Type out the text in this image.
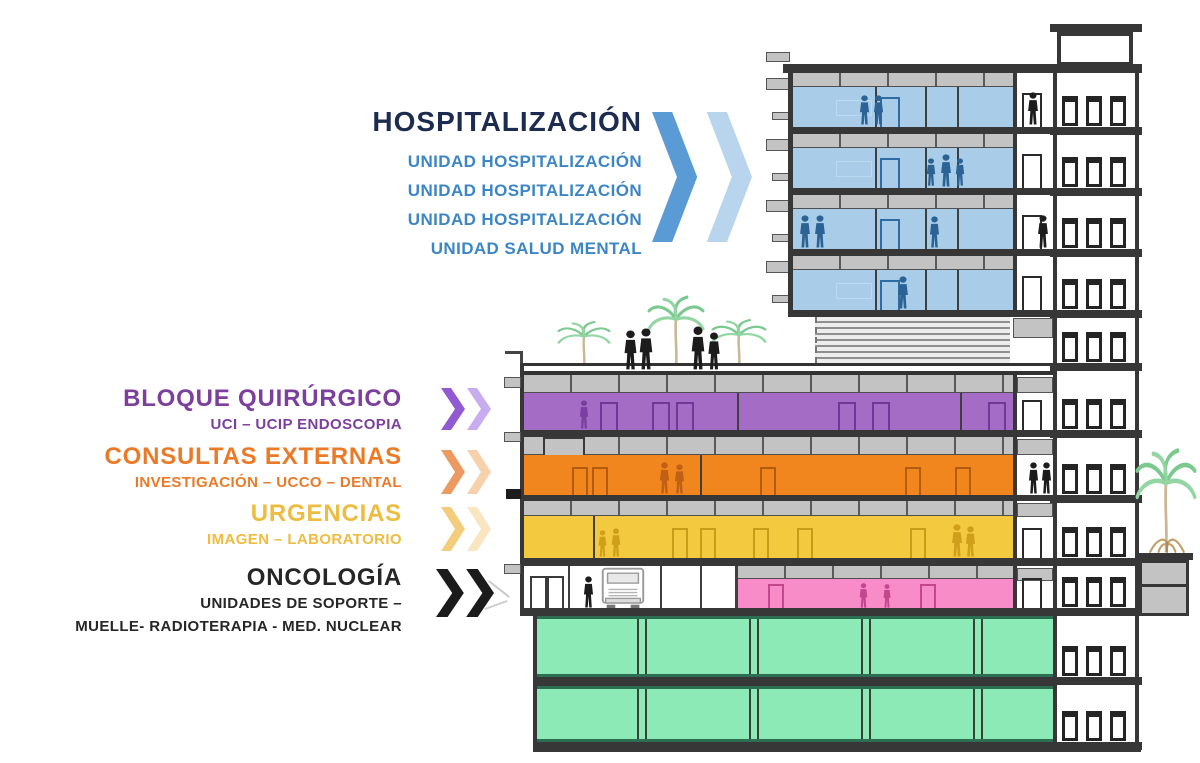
HOSPITALIZACIÓN

UNIDAD HOSPITALIZACIÓN

UNIDAD HOSPITALIZACIÓN

UNIDAD HOSPITALIZACIÓN

UNIDAD SALUD MENTAL

BLOQUE QUIRÚRGICO

UCI – UCIP ENDOSCOPIA

CONSULTAS EXTERNAS

INVESTIGACIÓN – UCCO – DENTAL

URGENCIAS

IMAGEN – LABORATORIO

ONCOLOGÍA

UNIDADES DE SOPORTE –

MUELLE- RADIOTERAPIA - MED. NUCLEAR
